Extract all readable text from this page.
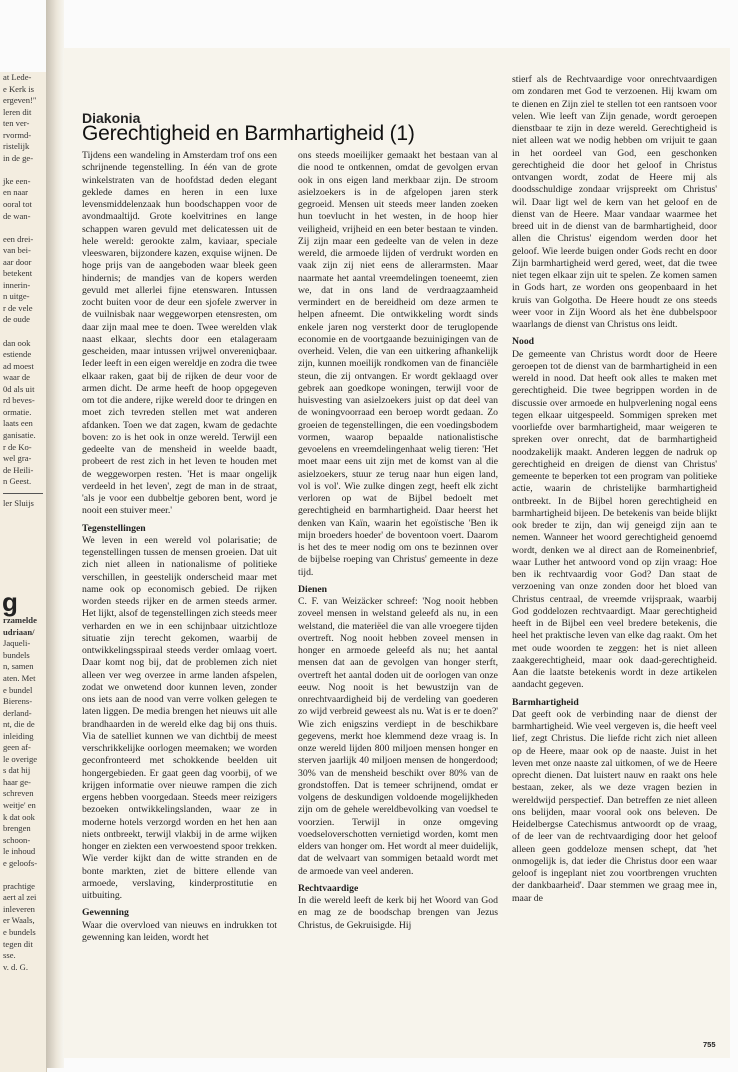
at Lede-
e Kerk is
ergeven!"
leren dit
ten ver-
rvormd-
ristelijk
in de ge-

jke een-
en naar
ooral tot
de wan-

een drei-
van bei-
aar door
betekent
innerin-
n uitge-
r de vele
de oude

dan ook
estiende
ad moest
waar de
0d als uit
rd beves-
ormatie.
laats een
ganisatie.
r de Ko-
wel gra-
de Heili-
n Geest.
ler Sluijs
g
rzamelde
udriaan/
Jaqueli-
bundels
n, samen
aten. Met
e bundel
Bierens-
derland-
nt, die de
inleiding
geen af-
le overige
s dat hij
haar ge-
schreven
weitje' en
k dat ook
brengen
schoon-
le inhoud
e geloofs-

prachtige
aert al zei
inleveren
er Waals,
e bundels
tegen dit
sse.
v. d. G.
Diakonia
Gerechtigheid en Barmhartigheid (1)

Tijdens een wandeling in Amsterdam trof ons een schrijnende tegenstelling. In één van de grote winkelstraten van de hoofdstad deden elegant geklede dames en heren in een luxe levensmiddelenzaak hun boodschappen voor de avondmaaltijd. Grote koelvitrines en lange schappen waren gevuld met delicatessen uit de hele wereld: gerookte zalm, kaviaar, speciale vleeswaren, bijzondere kazen, exquise wijnen. De hoge prijs van de aangeboden waar bleek geen hindernis; de mandjes van de kopers werden gevuld met allerlei fijne etenswaren. Intussen zocht buiten voor de deur een sjofele zwerver in de vuilnisbak naar weggeworpen etensresten, om daar zijn maal mee te doen. Twee werelden vlak naast elkaar, slechts door een etalageraam gescheiden, maar intussen vrijwel onvereniqbaar. Ieder leeft in een eigen wereldje en zodra die twee elkaar raken, gaat bij de rijken de deur voor de armen dicht. De arme heeft de hoop opgegeven om tot die andere, rijke wereld door te dringen en moet zich tevreden stellen met wat anderen afdanken. Toen we dat zagen, kwam de gedachte boven: zo is het ook in onze wereld. Terwijl een gedeelte van de mensheid in weelde baadt, probeert de rest zich in het leven te houden met de weggeworpen resten. 'Het is maar ongelijk verdeeld in het leven', zegt de man in de straat, 'als je voor een dubbeltje geboren bent, word je nooit een stuiver meer.'

Tegenstellingen

We leven in een wereld vol polarisatie; de tegenstellingen tussen de mensen groeien. Dat uit zich niet alleen in nationalisme of politieke verschillen, in geestelijk onderscheid maar met name ook op economisch gebied. De rijken worden steeds rijker en de armen steeds armer. Het lijkt, alsof de tegenstellingen zich steeds meer verharden en we in een schijnbaar uitzichtloze situatie zijn terecht gekomen, waarbij de ontwikkelingsspiraal steeds verder omlaag voert. Daar komt nog bij, dat de problemen zich niet alleen ver weg overzee in arme landen afspelen, zodat we onwetend door kunnen leven, zonder ons iets aan de nood van verre volken gelegen te laten liggen. De media brengen het nieuws uit alle brandhaarden in de wereld elke dag bij ons thuis. Via de satelliet kunnen we van dichtbij de meest verschrikkelijke oorlogen meemaken; we worden geconfronteerd met schokkende beelden uit hongergebieden. Er gaat geen dag voorbij, of we krijgen informatie over nieuwe rampen die zich ergens hebben voorgedaan. Steeds meer reizigers bezoeken ontwikkelingslanden, waar ze in moderne hotels verzorgd worden en het hen aan niets ontbreekt, terwijl vlakbij in de arme wijken honger en ziekten een verwoestend spoor trekken. Wie verder kijkt dan de witte stranden en de bonte markten, ziet de bittere ellende van armoede, verslaving, kinderprostitutie en uitbuiting.

Gewenning

Waar die overvloed van nieuws en indrukken tot gewenning kan leiden, wordt het

ons steeds moeilijker gemaakt het bestaan van al die nood te ontkennen, omdat de gevolgen ervan ook in ons eigen land merkbaar zijn. De stroom asielzoekers is in de afgelopen jaren sterk gegroeid. Mensen uit steeds meer landen zoeken hun toevlucht in het westen, in de hoop hier veiligheid, vrijheid en een beter bestaan te vinden. Zij zijn maar een gedeelte van de velen in deze wereld, die armoede lijden of verdrukt worden en vaak zijn zij niet eens de allerarmsten. Maar naarmate het aantal vreemdelingen toeneemt, zien we, dat in ons land de verdraagzaamheid vermindert en de bereidheid om deze armen te helpen afneemt. Die ontwikkeling wordt sinds enkele jaren nog versterkt door de teruglopende economie en de voortgaande bezuinigingen van de overheid. Velen, die van een uitkering afhankelijk zijn, kunnen moeilijk rondkomen van de financiële steun, die zij ontvangen. Er wordt geklaagd over gebrek aan goedkope woningen, terwijl voor de huisvesting van asielzoekers juist op dat deel van de woningvoorraad een beroep wordt gedaan. Zo groeien de tegenstellingen, die een voedingsbodem vormen, waarop bepaalde nationalistische gevoelens en vreemdelingenhaat welig tieren: 'Het moet maar eens uit zijn met de komst van al die asielzoekers, stuur ze terug naar hun eigen land, vol is vol'. Wie zulke dingen zegt, heeft elk zicht verloren op wat de Bijbel bedoelt met gerechtigheid en barmhartigheid. Daar heerst het denken van Kaïn, waarin het egoïstische 'Ben ik mijn broeders hoeder' de boventoon voert. Daarom is het des te meer nodig om ons te bezinnen over de bijbelse roeping van Christus' gemeente in deze tijd.

Dienen

C. F. van Weizäcker schreef: 'Nog nooit hebben zoveel mensen in welstand geleefd als nu, in een welstand, die materiëel die van alle vroegere tijden overtreft. Nog nooit hebben zoveel mensen in honger en armoede geleefd als nu; het aantal mensen dat aan de gevolgen van honger sterft, overtreft het aantal doden uit de oorlogen van onze eeuw. Nog nooit is het bewustzijn van de onrechtvaardigheid bij de verdeling van goederen zo wijd verbreid geweest als nu. Wat is er te doen?' Wie zich enigszins verdiept in de beschikbare gegevens, merkt hoe klemmend deze vraag is. In onze wereld lijden 800 miljoen mensen honger en sterven jaarlijk 40 miljoen mensen de hongerdood; 30% van de mensheid beschikt over 80% van de grondstoffen. Dat is temeer schrijnend, omdat er volgens de deskundigen voldoende mogelijkheden zijn om de gehele wereldbevolking van voedsel te voorzien. Terwijl in onze omgeving voedseloverschotten vernietigd worden, komt men elders van honger om. Het wordt al meer duidelijk, dat de welvaart van sommigen betaald wordt met de armoede van veel anderen.

Rechtvaardige

In die wereld leeft de kerk bij het Woord van God en mag ze de boodschap brengen van Jezus Christus, de Gekruisigde. Hij

stierf als de Rechtvaardige voor onrechtvaardigen om zondaren met God te verzoenen. Hij kwam om te dienen en Zijn ziel te stellen tot een rantsoen voor velen. Wie leeft van Zijn genade, wordt geroepen dienstbaar te zijn in deze wereld. Gerechtigheid is niet alleen wat we nodig hebben om vrijuit te gaan in het oordeel van God, een geschonken gerechtigheid die door het geloof in Christus ontvangen wordt, zodat de Heere mij als doodsschuldige zondaar vrijspreekt om Christus' wil. Daar ligt wel de kern van het geloof en de dienst van de Heere. Maar vandaar waarmee het breed uit in de dienst van de barmhartigheid, door allen die Christus' eigendom werden door het geloof. Wie leerde buigen onder Gods recht en door Zijn barmhartigheid werd gered, weet, dat die twee niet tegen elkaar zijn uit te spelen. Ze komen samen in Gods hart, ze worden ons geopenbaard in het kruis van Golgotha. De Heere houdt ze ons steeds weer voor in Zijn Woord als het ène dubbelspoor waarlangs de dienst van Christus ons leidt.

Nood

De gemeente van Christus wordt door de Heere geroepen tot de dienst van de barmhartigheid in een wereld in nood. Dat heeft ook alles te maken met gerechtigheid. Die twee begrippen worden in de discussie over armoede en hulpverlening nogal eens tegen elkaar uitgespeeld. Sommigen spreken met voorliefde over barmhartigheid, maar weigeren te spreken over onrecht, dat de barmhartigheid noodzakelijk maakt. Anderen leggen de nadruk op gerechtigheid en dreigen de dienst van Christus' gemeente te beperken tot een program van politieke actie, waarin de christelijke barmhartigheid ontbreekt. In de Bijbel horen gerechtigheid en barmhartigheid bijeen. De betekenis van beide blijkt ook breder te zijn, dan wij geneigd zijn aan te nemen. Wanneer het woord gerechtigheid genoemd wordt, denken we al direct aan de Romeinenbrief, waar Luther het antwoord vond op zijn vraag: Hoe ben ik rechtvaardig voor God? Dan staat de verzoening van onze zonden door het bloed van Christus centraal, de vreemde vrijspraak, waarbij God goddelozen rechtvaardigt. Maar gerechtigheid heeft in de Bijbel een veel bredere betekenis, die heel het praktische leven van elke dag raakt. Om het met oude woorden te zeggen: het is niet alleen zaakgerechtigheid, maar ook daad-gerechtigheid. Aan die laatste betekenis wordt in deze artikelen aandacht gegeven.

Barmhartigheid

Dat geeft ook de verbinding naar de dienst der barmhartigheid. Wie veel vergeven is, die heeft veel lief, zegt Christus. Die liefde richt zich niet alleen op de Heere, maar ook op de naaste. Juist in het leven met onze naaste zal uitkomen, of we de Heere oprecht dienen. Dat luistert nauw en raakt ons hele bestaan, zeker, als we deze vragen bezien in wereldwijd perspectief. Dan betreffen ze niet alleen ons belijden, maar vooral ook ons beleven. De Heidelbergse Catechismus antwoordt op de vraag, of de leer van de rechtvaardiging door het geloof alleen geen goddeloze mensen schept, dat 'het onmogelijk is, dat ieder die Christus door een waar geloof is ingeplant niet zou voortbrengen vruchten der dankbaarheid'. Daar stemmen we graag mee in, maar de

755
